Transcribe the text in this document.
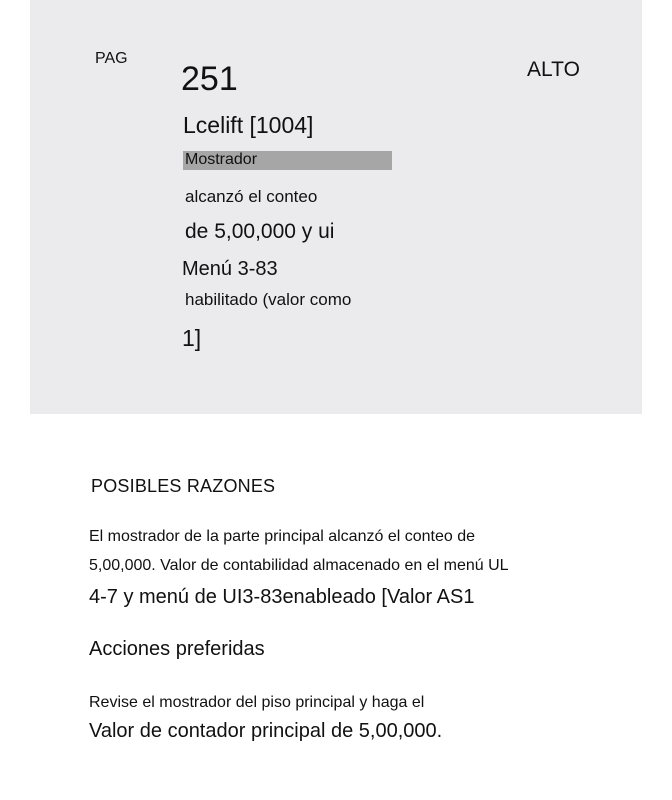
PAG
251	ALTO
Lcelift [1004]
Mostrador
alcanzó el conteo
de 5,00,000 y ui
Menú 3-83
habilitado (valor como
1]
POSIBLES RAZONES
El mostrador de la parte principal alcanzó el conteo de
5,00,000. Valor de contabilidad almacenado en el menú UL
4-7 y menú de UI3-83enableado [Valor AS1
Acciones preferidas
Revise el mostrador del piso principal y haga el
Valor de contador principal de 5,00,000.
